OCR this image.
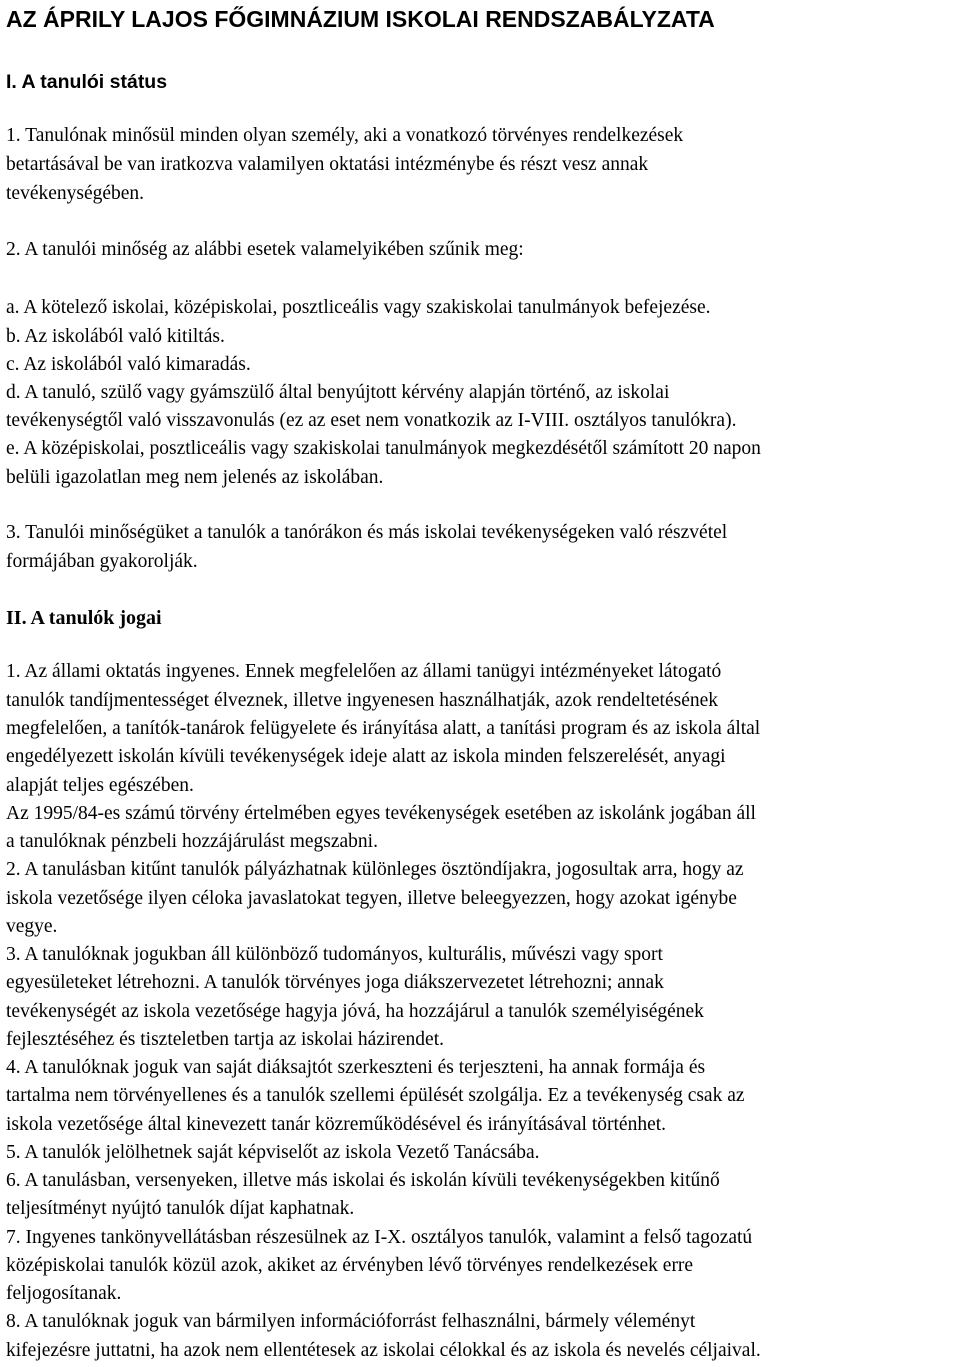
AZ ÁPRILY LAJOS FŐGIMNÁZIUM ISKOLAI RENDSZABÁLYZATA
I. A tanulói státus
1. Tanulónak minősül minden olyan személy, aki a vonatkozó törvényes rendelkezések
betartásával be van iratkozva valamilyen oktatási intézménybe és részt vesz annak
tevékenységében.
2. A tanulói minőség az alábbi esetek valamelyikében szűnik meg:
a. A kötelező iskolai, középiskolai, posztliceális vagy szakiskolai tanulmányok befejezése.
b. Az iskolából való kitiltás.
c. Az iskolából való kimaradás.
d. A tanuló, szülő vagy gyámszülő által benyújtott kérvény alapján történő, az iskolai
tevékenységtől való visszavonulás (ez az eset nem vonatkozik az I-VIII. osztályos tanulókra).
e. A középiskolai, posztliceális vagy szakiskolai tanulmányok megkezdésétől számított 20 napon
belüli igazolatlan meg nem jelenés az iskolában.
3. Tanulói minőségüket a tanulók a tanórákon és más iskolai tevékenységeken való részvétel
formájában gyakorolják.
II. A tanulók jogai
1. Az állami oktatás ingyenes. Ennek megfelelően az állami tanügyi intézményeket látogató
tanulók tandíjmentességet élveznek, illetve ingyenesen használhatják, azok rendeltetésének
megfelelően, a tanítók-tanárok felügyelete és irányítása alatt, a tanítási program és az iskola által
engedélyezett iskolán kívüli tevékenységek ideje alatt az iskola minden felszerelését, anyagi
alapját teljes egészében.
Az 1995/84-es számú törvény értelmében egyes tevékenységek esetében az iskolánk jogában áll
a tanulóknak pénzbeli hozzájárulást megszabni.
2. A tanulásban kitűnt tanulók pályázhatnak különleges ösztöndíjakra, jogosultak arra, hogy az
iskola vezetősége ilyen céloka javaslatokat tegyen, illetve beleegyezzen, hogy azokat igénybe
vegye.
3. A tanulóknak jogukban áll különböző tudományos, kulturális, művészi vagy sport
egyesületeket létrehozni. A tanulók törvényes joga diákszervezetet létrehozni; annak
tevékenységét az iskola vezetősége hagyja jóvá, ha hozzájárul a tanulók személyiségének
fejlesztéséhez és tiszteletben tartja az iskolai házirendet.
4. A tanulóknak joguk van saját diáksajtót szerkeszteni és terjeszteni, ha annak formája és
tartalma nem törvényellenes és a tanulók szellemi épülését szolgálja. Ez a tevékenység csak az
iskola vezetősége által kinevezett tanár közreműködésével és irányításával történhet.
5. A tanulók jelölhetnek saját képviselőt az iskola Vezető Tanácsába.
6. A tanulásban, versenyeken, illetve más iskolai és iskolán kívüli tevékenységekben kitűnő
teljesítményt nyújtó tanulók díjat kaphatnak.
7. Ingyenes tankönyvellátásban részesülnek az I-X. osztályos tanulók, valamint a felső tagozatú
középiskolai tanulók közül azok, akiket az érvényben lévő törvényes rendelkezések erre
feljogosítanak.
8. A tanulóknak joguk van bármilyen információforrást felhasználni, bármely véleményt
kifejezésre juttatni, ha azok nem ellentétesek az iskolai célokkal és az iskola és nevelés céljaival.
